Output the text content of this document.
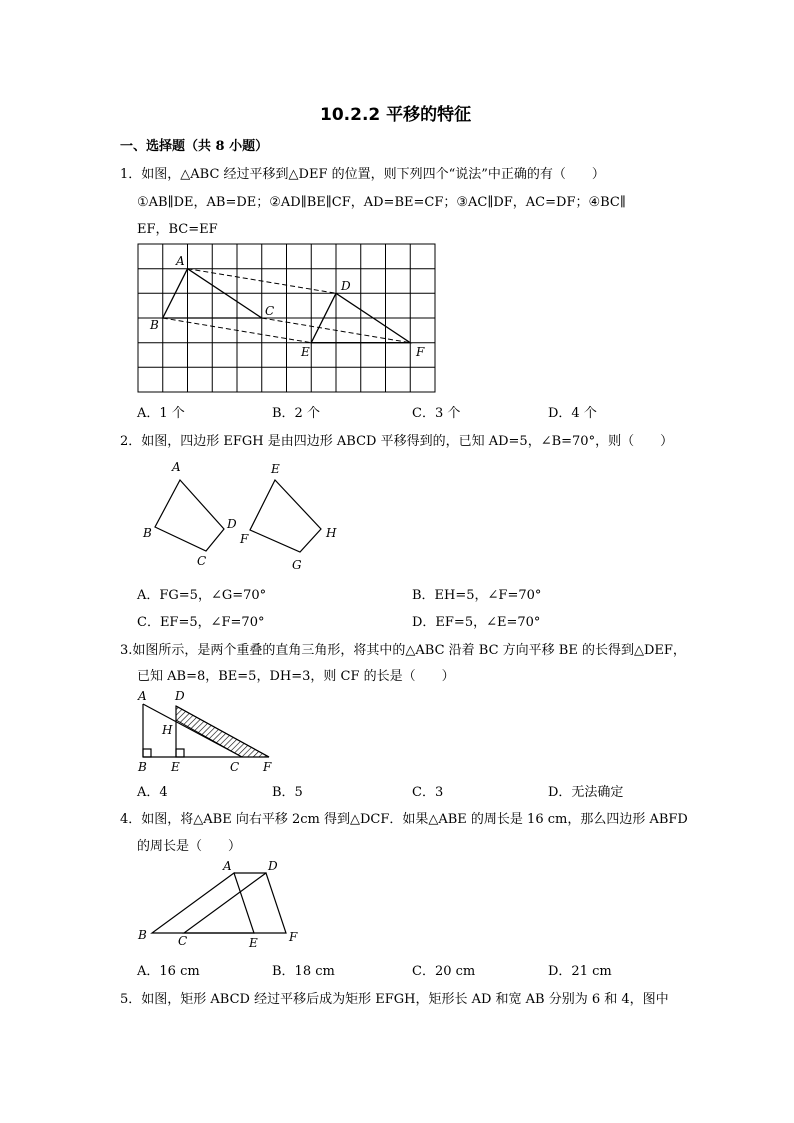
10.2.2 平移的特征
一、选择题（共 8 小题）
1．如图，△ABC 经过平移到△DEF 的位置，则下列四个“说法”中正确的有（　　）
①AB∥DE，AB=DE；②AD∥BE∥CF，AD=BE=CF；③AC∥DF，AC=DF；④BC∥
EF，BC=EF
A
B
C
D
E	F
A．1 个	B．2 个	C．3 个	D．4 个
2．如图，四边形 EFGH 是由四边形 ABCD 平移得到的，已知 AD=5，∠B=70°，则（　　）
A
B
C
D
E
F
G
H
A．FG=5，∠G=70°	B．EH=5，∠F=70°
C．EF=5，∠F=70°	D．EF=5，∠E=70°
3.如图所示，是两个重叠的直角三角形，将其中的△ABC 沿着 BC 方向平移 BE 的长得到△DEF，
已知 AB=8，BE=5，DH=3，则 CF 的长是（　　）
A D
H
B E	C F
A．4	B．5	C．3	D．无法确定
4．如图，将△ABE 向右平移 2cm 得到△DCF．如果△ABE 的周长是 16 cm，那么四边形 ABFD
的周长是（　　）
A	D
B	C	E	F
A．16 cm	B．18 cm	C．20 cm	D．21 cm
5．如图，矩形 ABCD 经过平移后成为矩形 EFGH，矩形长 AD 和宽 AB 分别为 6 和 4，图中
